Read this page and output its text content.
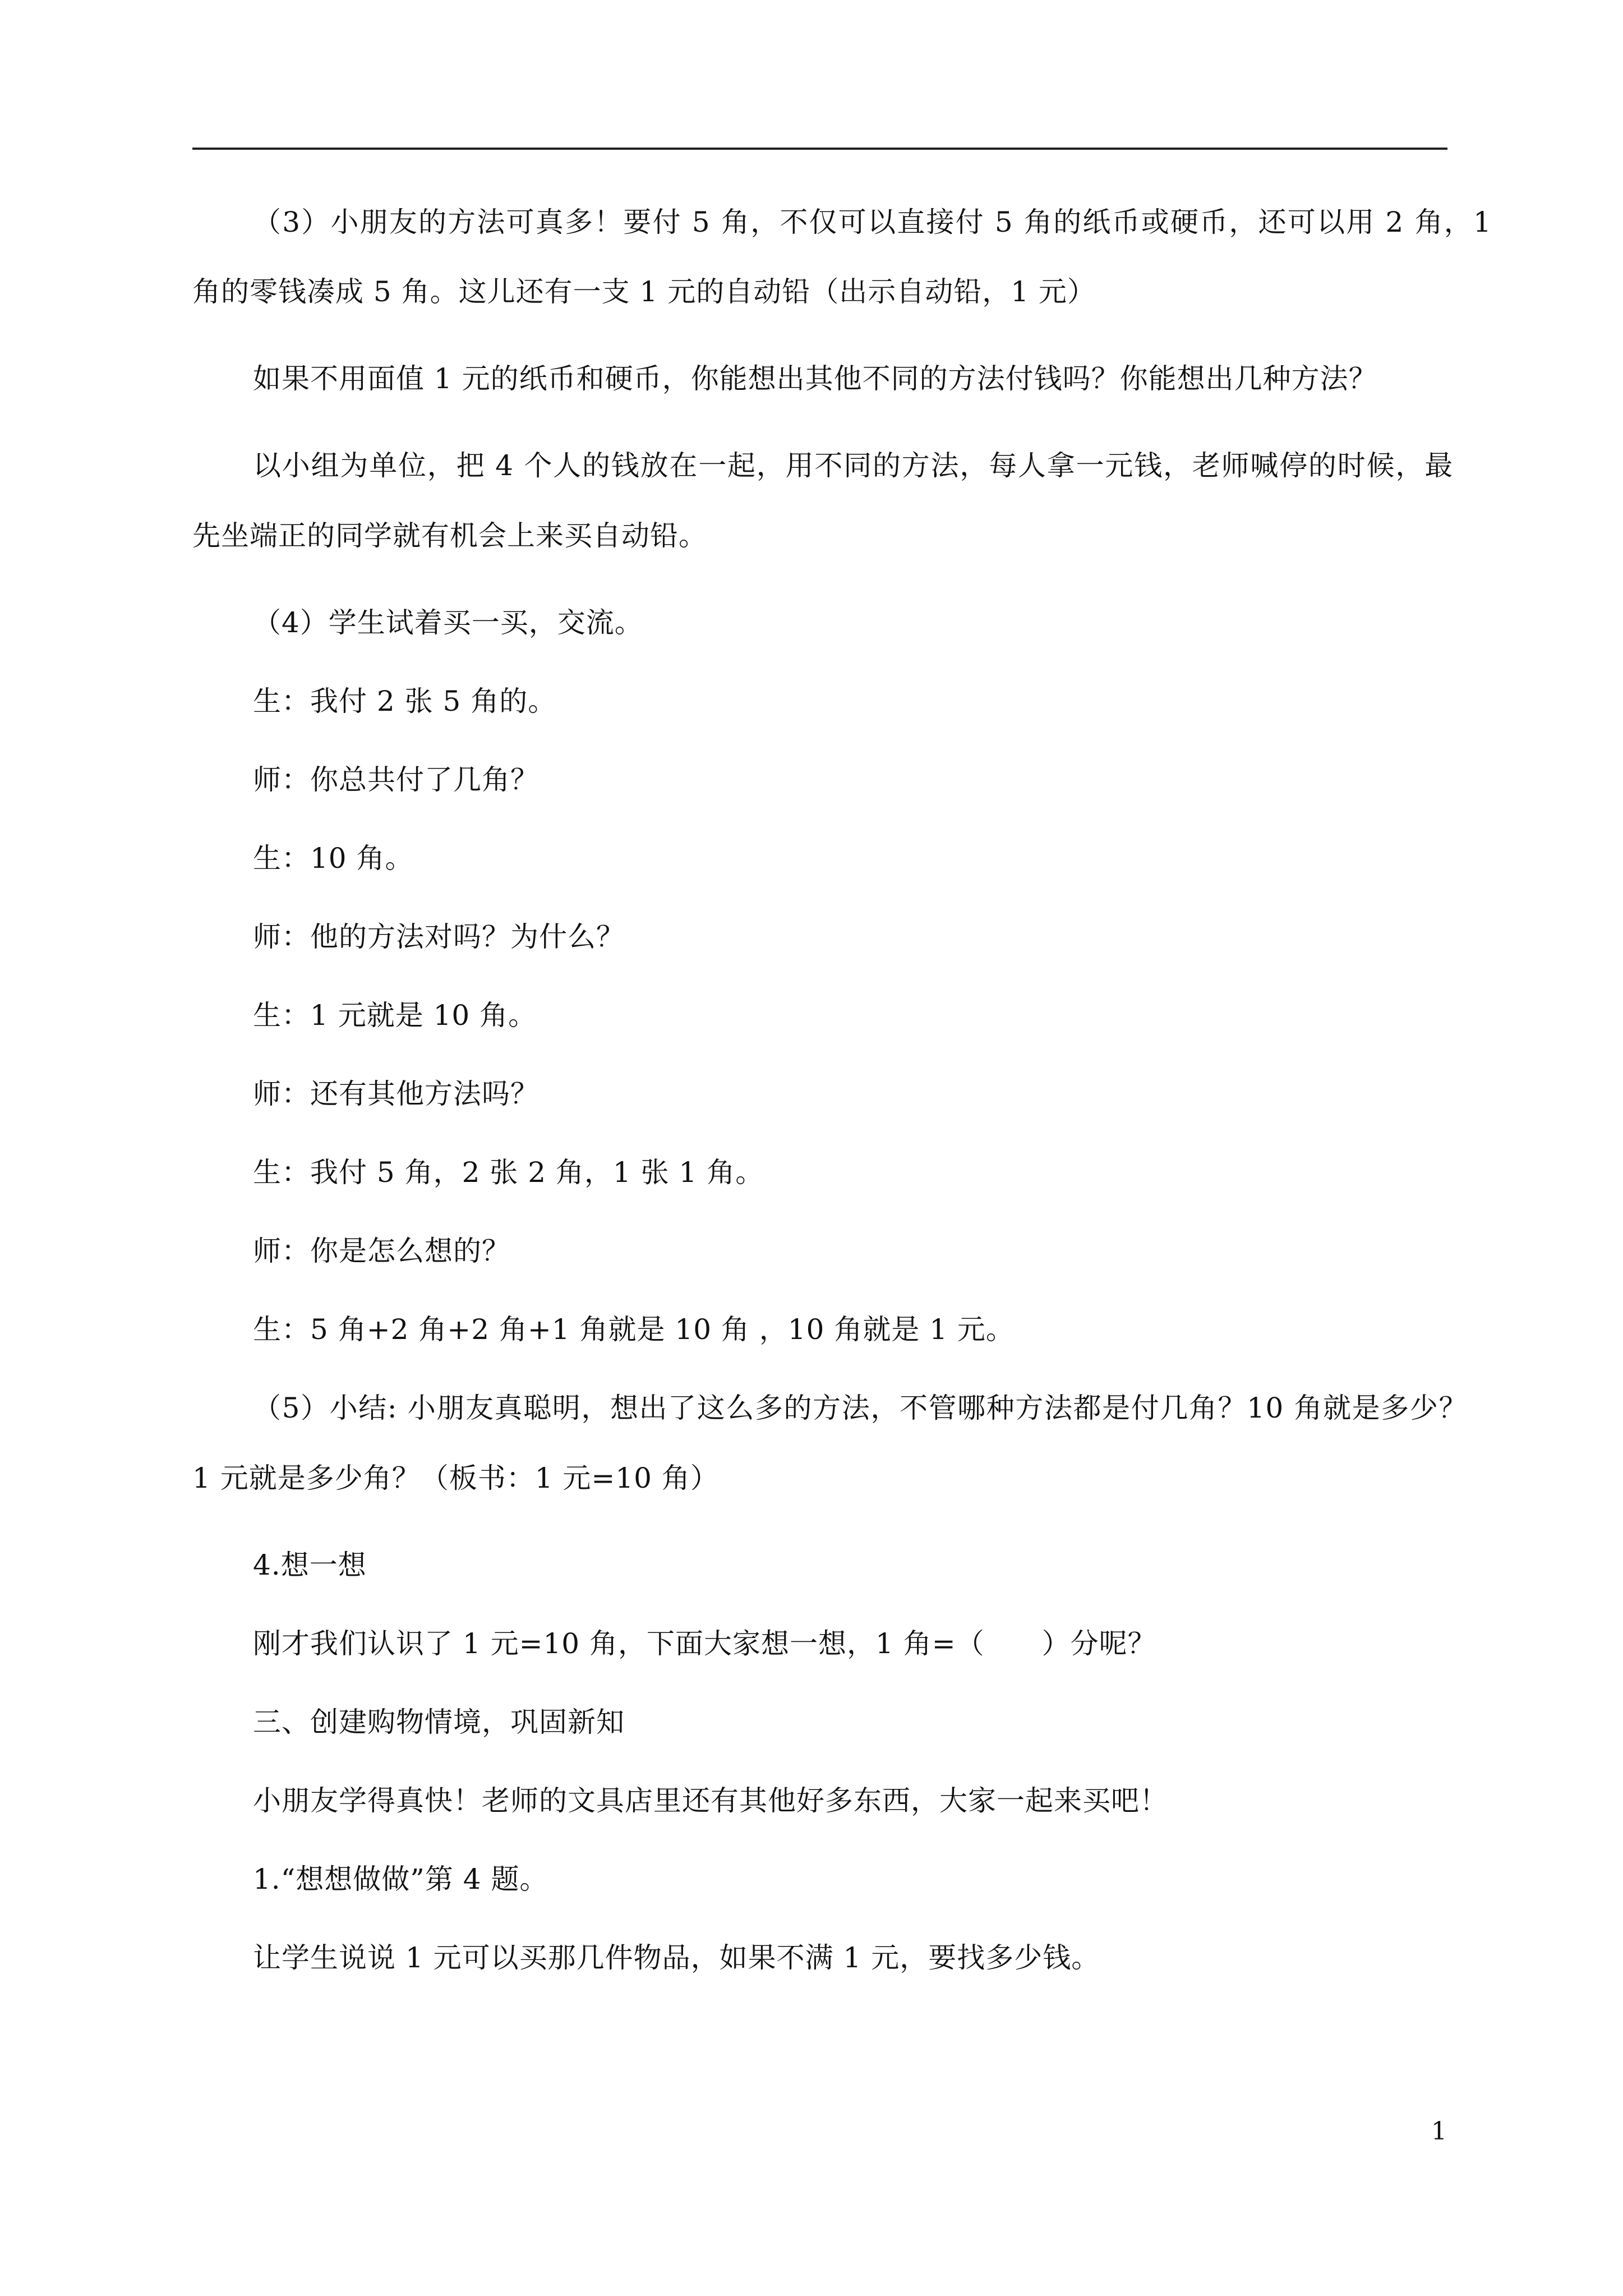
（3）小朋友的方法可真多！要付 5 角，不仅可以直接付 5 角的纸币或硬币，还可以用 2 角，1

角的零钱凑成 5 角。这儿还有一支 1 元的自动铅（出示自动铅，1 元）

如果不用面值 1 元的纸币和硬币，你能想出其他不同的方法付钱吗？你能想出几种方法？

以小组为单位，把 4 个人的钱放在一起，用不同的方法，每人拿一元钱，老师喊停的时候，最

先坐端正的同学就有机会上来买自动铅。

（4）学生试着买一买，交流。

生：我付 2 张 5 角的。

师：你总共付了几角？

生：10 角。

师：他的方法对吗？为什么？

生：1 元就是 10 角。

师：还有其他方法吗？

生：我付 5 角，2 张 2 角，1 张 1 角。

师：你是怎么想的？

生：5 角+2 角+2 角+1 角就是 10 角 ，10 角就是 1 元。

（5）小结: 小朋友真聪明，想出了这么多的方法，不管哪种方法都是付几角？10 角就是多少？

1 元就是多少角？（板书：1 元=10 角）

4.想一想

刚才我们认识了 1 元=10 角，下面大家想一想，1 角=（　　）分呢？

三、创建购物情境，巩固新知

小朋友学得真快！老师的文具店里还有其他好多东西，大家一起来买吧！

1.“想想做做”第 4 题。

让学生说说 1 元可以买那几件物品，如果不满 1 元，要找多少钱。

1
